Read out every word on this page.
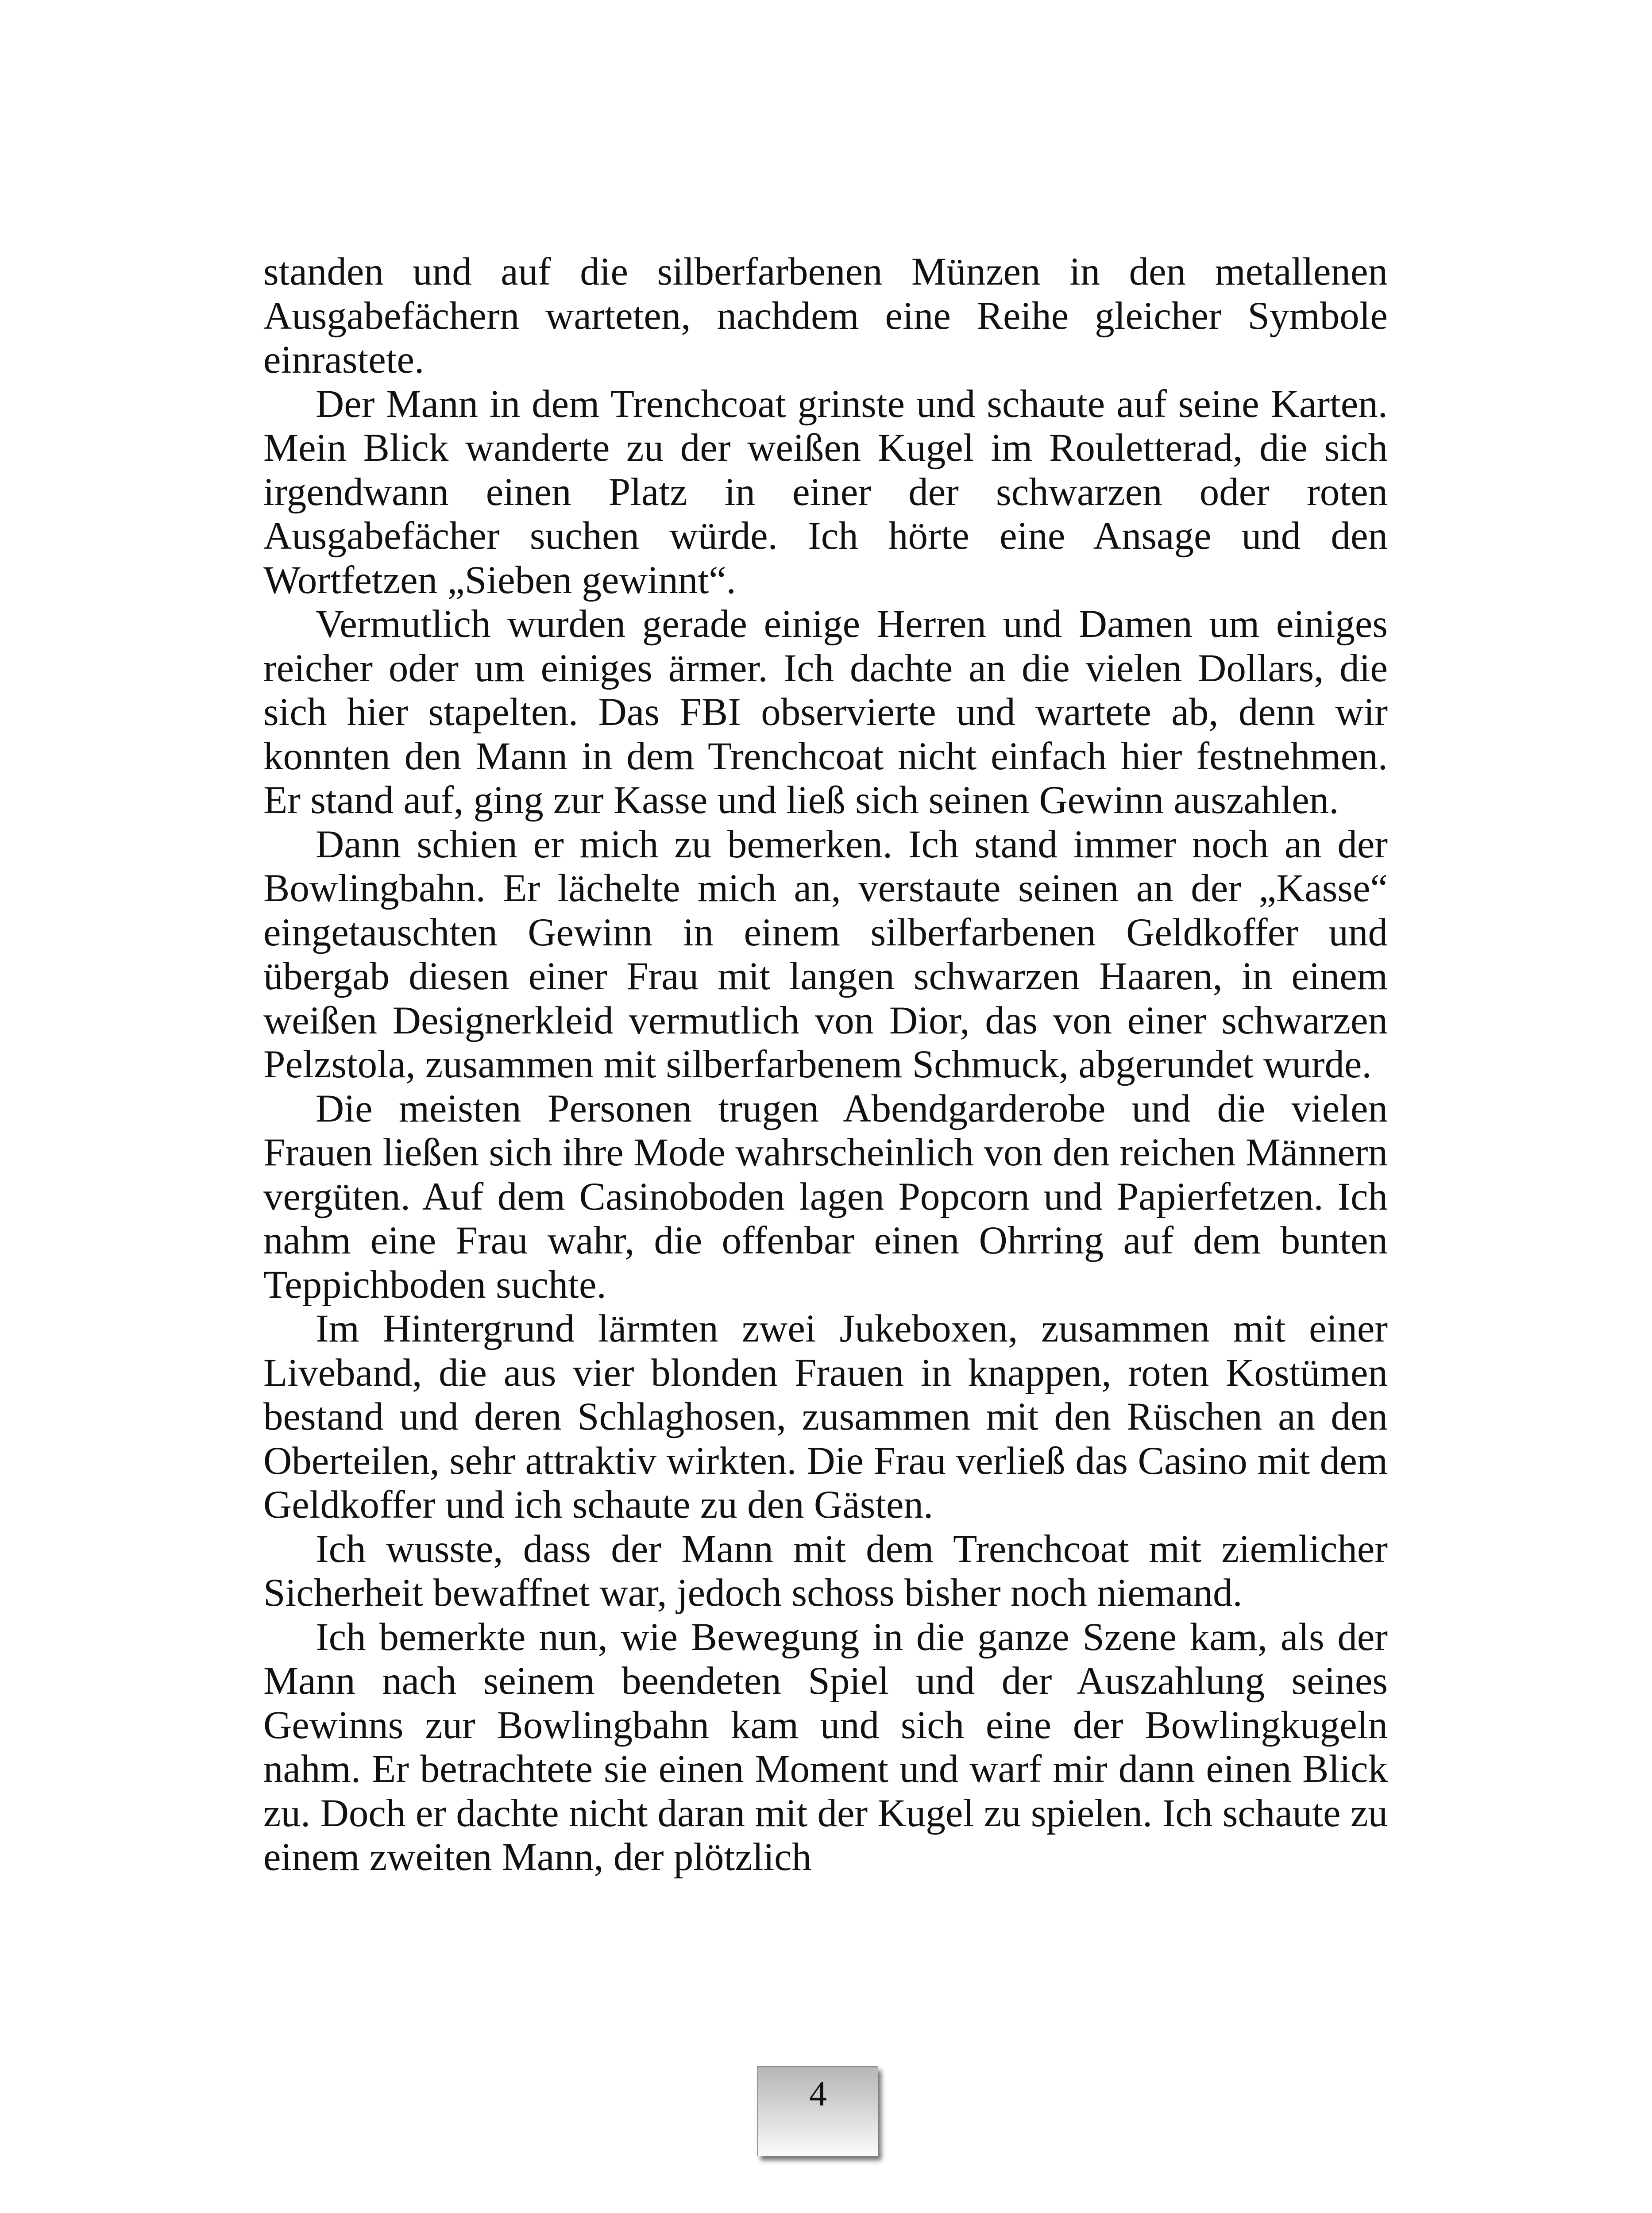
standen und auf die silberfarbenen Münzen in den metallenen Ausgabefächern warteten, nachdem eine Reihe gleicher Symbole einrastete.

Der Mann in dem Trenchcoat grinste und schaute auf seine Karten. Mein Blick wanderte zu der weißen Kugel im Rouletterad, die sich irgendwann einen Platz in einer der schwarzen oder roten Ausgabefächer suchen würde. Ich hörte eine Ansage und den Wortfetzen „Sieben gewinnt“.

Vermutlich wurden gerade einige Herren und Damen um einiges reicher oder um einiges ärmer. Ich dachte an die vielen Dollars, die sich hier stapelten. Das FBI observierte und wartete ab, denn wir konnten den Mann in dem Trenchcoat nicht einfach hier festnehmen. Er stand auf, ging zur Kasse und ließ sich seinen Gewinn auszahlen.

Dann schien er mich zu bemerken. Ich stand immer noch an der Bowlingbahn. Er lächelte mich an, verstaute seinen an der „Kasse“ eingetauschten Gewinn in einem silberfarbenen Geldkoffer und übergab diesen einer Frau mit langen schwarzen Haaren, in einem weißen Designerkleid vermutlich von Dior, das von einer schwarzen Pelzstola, zusammen mit silberfarbenem Schmuck, abgerundet wurde.

Die meisten Personen trugen Abendgarderobe und die vielen Frauen ließen sich ihre Mode wahrscheinlich von den reichen Männern vergüten. Auf dem Casinoboden lagen Popcorn und Papierfetzen. Ich nahm eine Frau wahr, die offenbar einen Ohrring auf dem bunten Teppichboden suchte.

Im Hintergrund lärmten zwei Jukeboxen, zusammen mit einer Liveband, die aus vier blonden Frauen in knappen, roten Kostümen bestand und deren Schlaghosen, zusammen mit den Rüschen an den Oberteilen, sehr attraktiv wirkten. Die Frau verließ das Casino mit dem Geldkoffer und ich schaute zu den Gästen.

Ich wusste, dass der Mann mit dem Trenchcoat mit ziemlicher Sicherheit bewaffnet war, jedoch schoss bisher noch niemand.

Ich bemerkte nun, wie Bewegung in die ganze Szene kam, als der Mann nach seinem beendeten Spiel und der Auszahlung seines Gewinns zur Bowlingbahn kam und sich eine der Bowlingkugeln nahm. Er betrachtete sie einen Moment und warf mir dann einen Blick zu. Doch er dachte nicht daran mit der Kugel zu spielen. Ich schaute zu einem zweiten Mann, der plötzlich

4
